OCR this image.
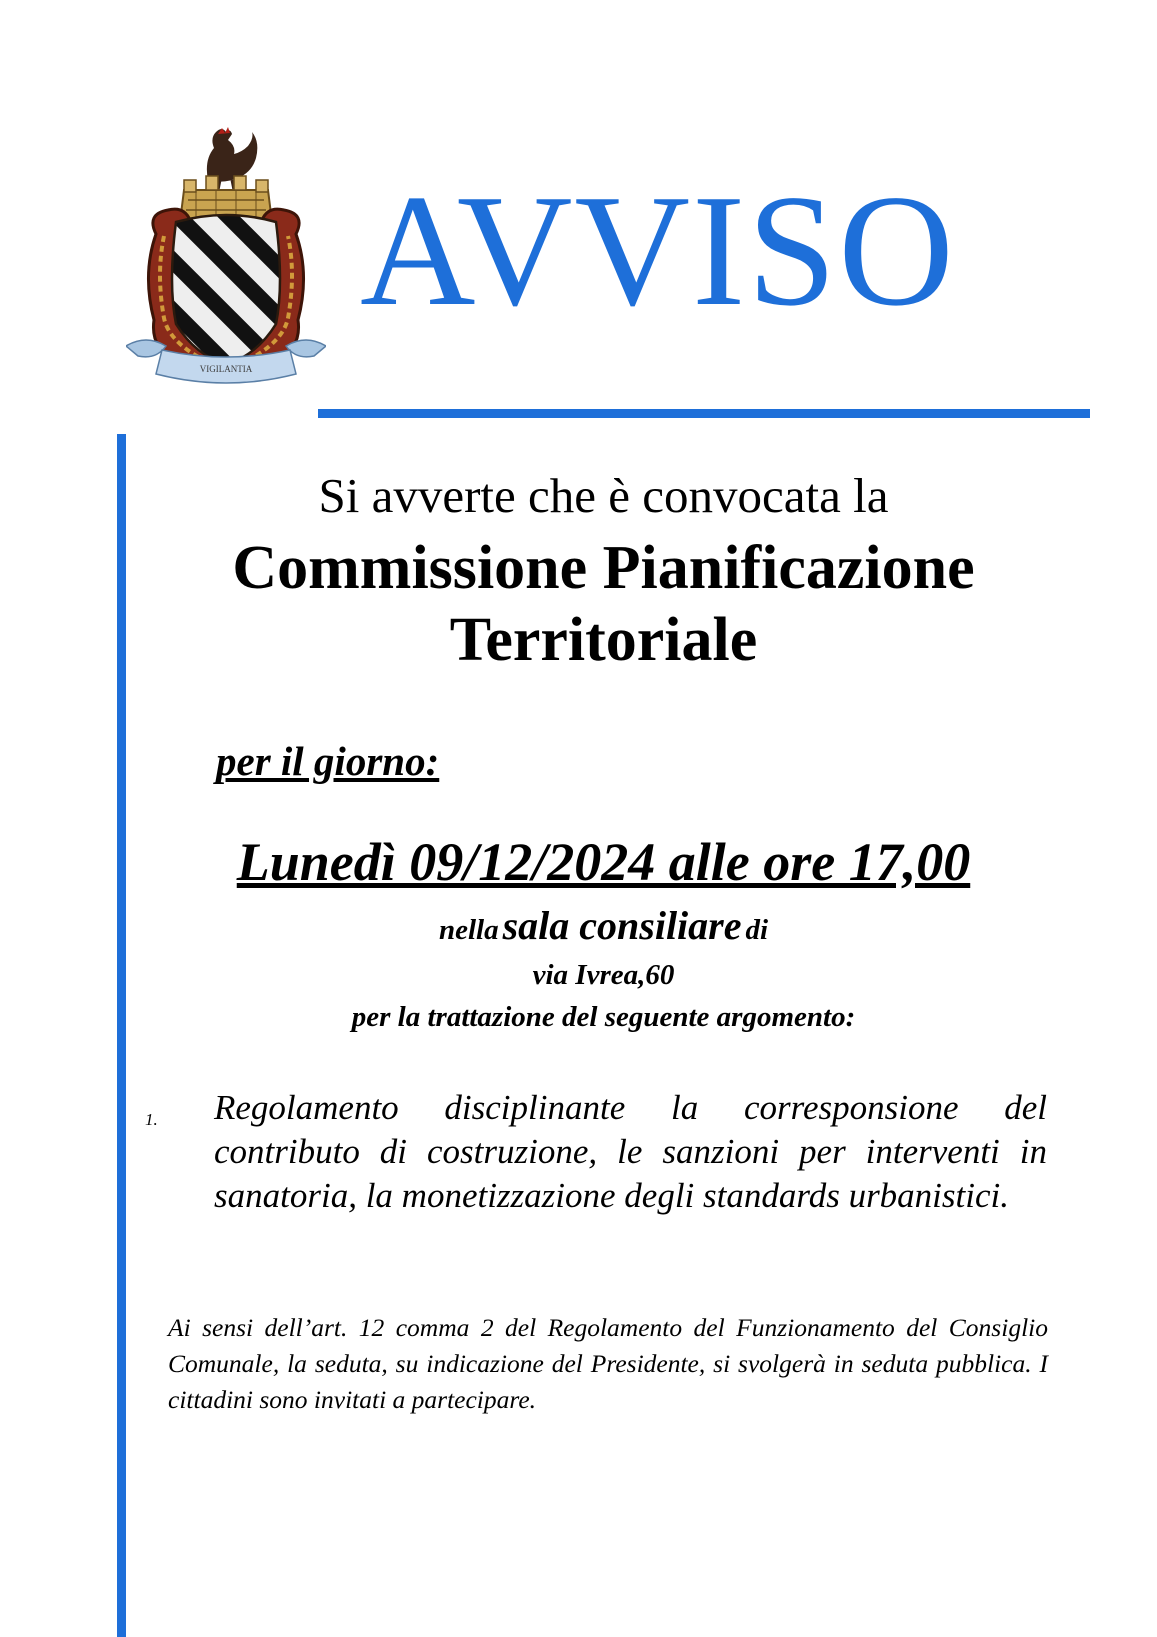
VIGILANTIA
AVVISO
Si avverte che è convocata la
Commissione Pianificazione
Territoriale
per il giorno:
Lunedì 09/12/2024 alle ore 17,00
nella sala consiliare di
via Ivrea,60
per la trattazione del seguente argomento:
1. Regolamento disciplinante la corresponsione del contributo di costruzione, le sanzioni per interventi in sanatoria, la monetizzazione degli standards urbanistici.

Ai sensi dell’art. 12 comma 2 del Regolamento del Funzionamento del Consiglio Comunale, la seduta, su indicazione del Presidente, si svolgerà in seduta pubblica. I cittadini sono invitati a partecipare.
